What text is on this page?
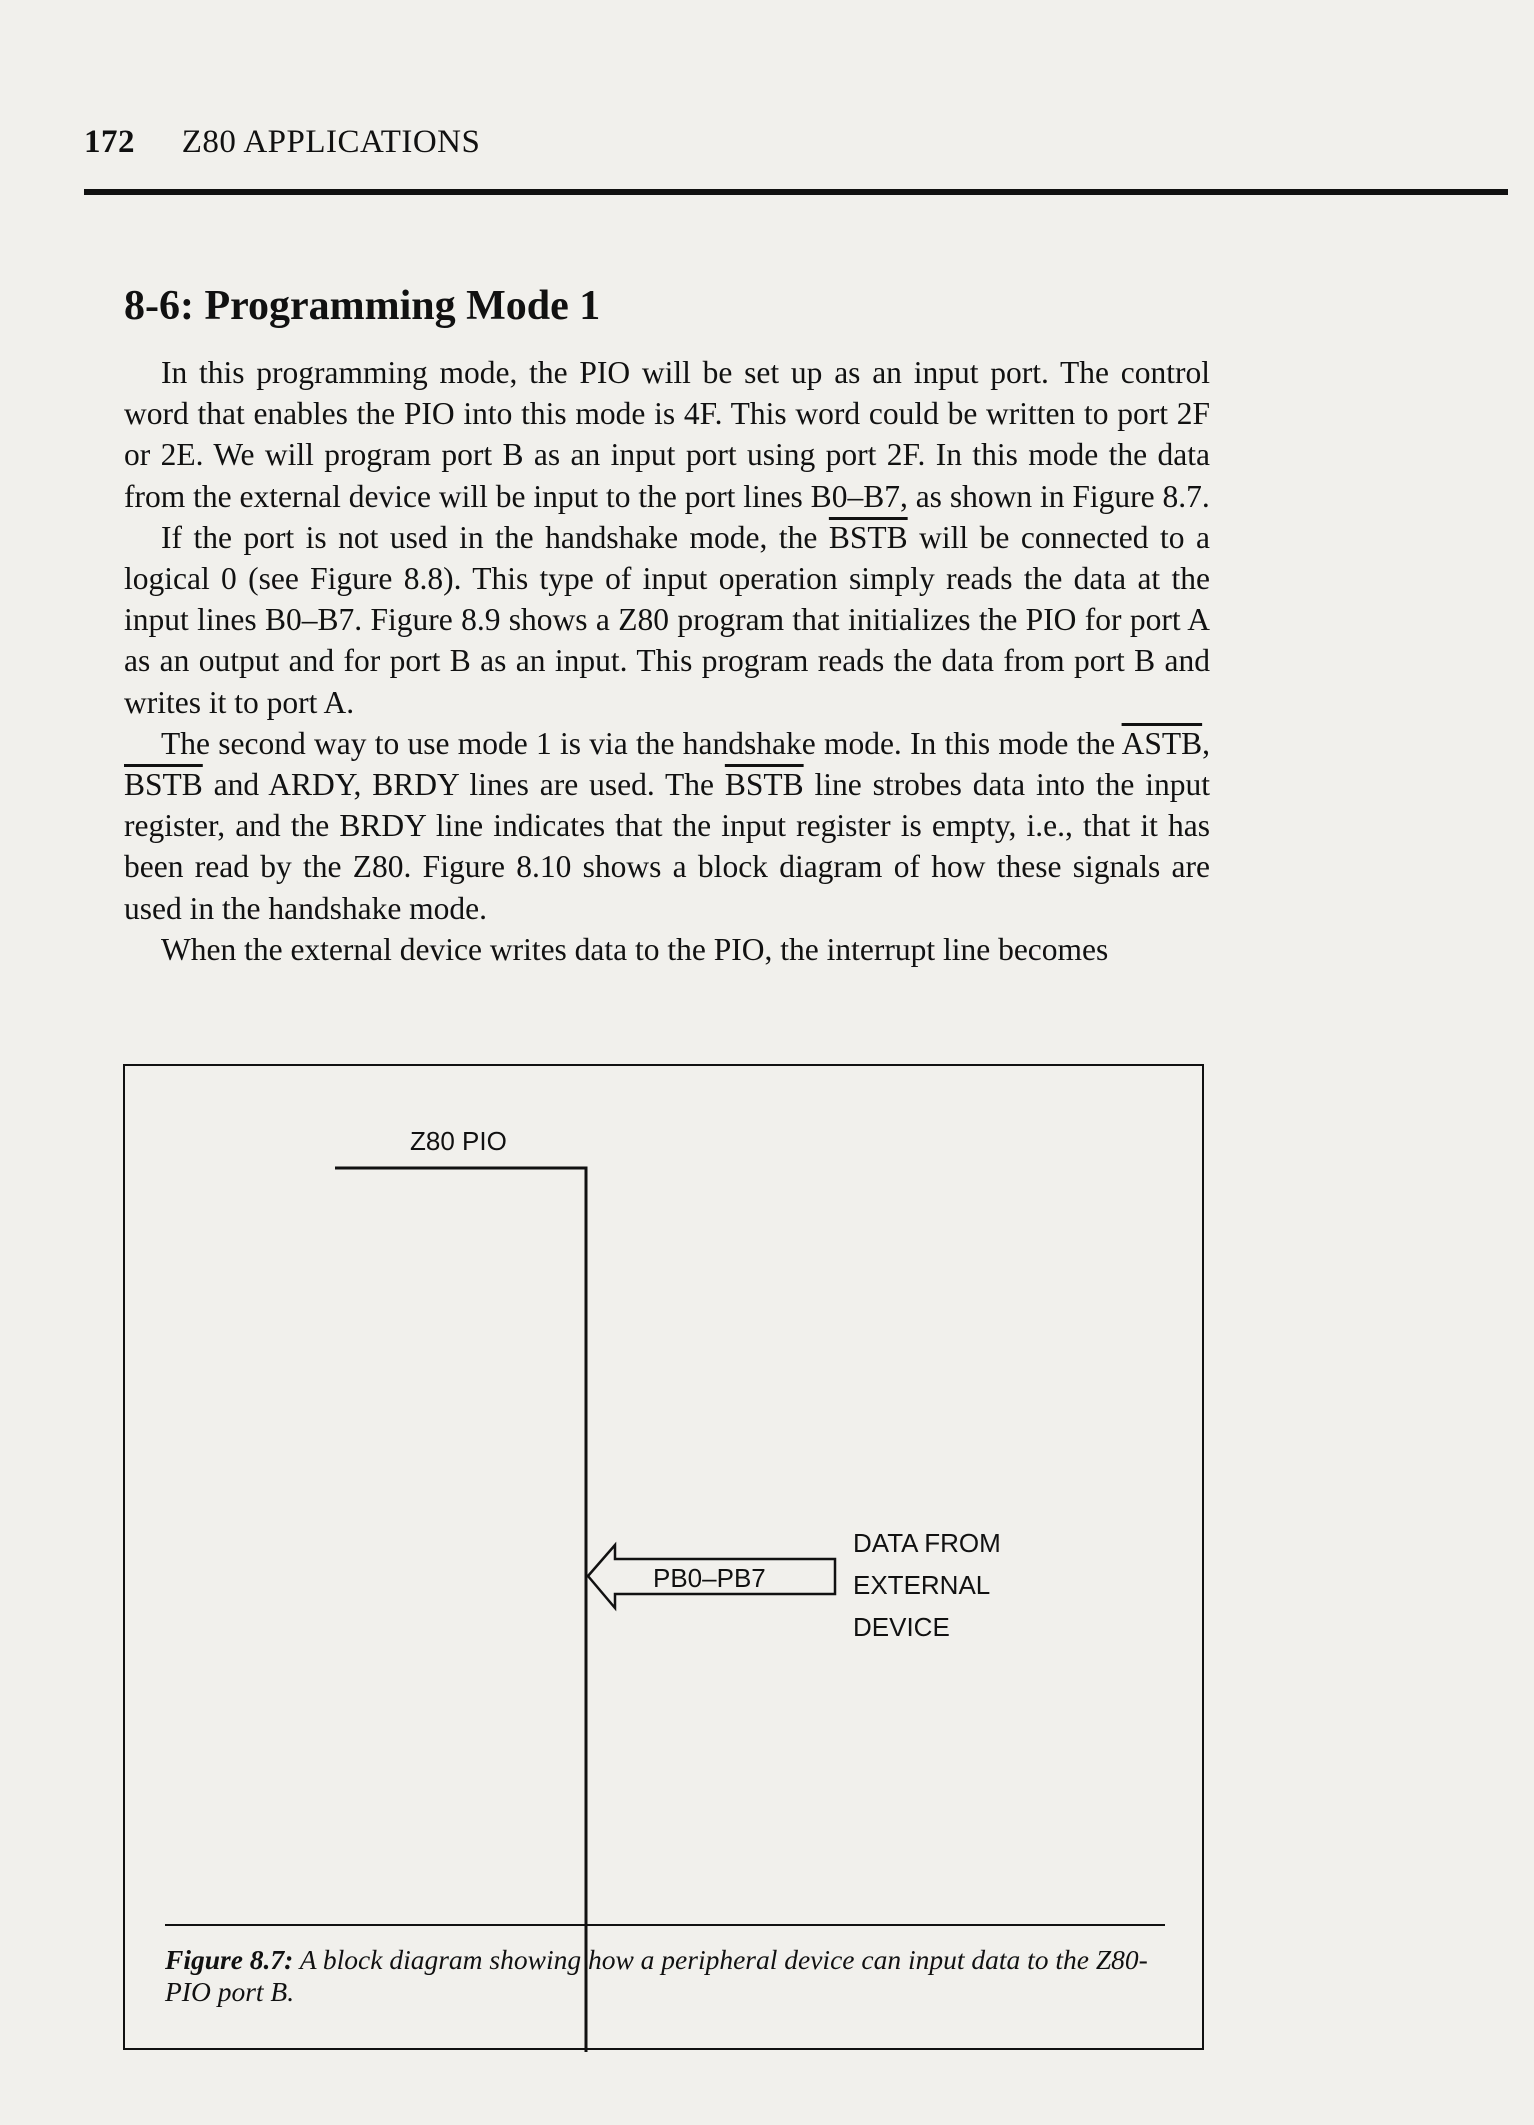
172 Z80 APPLICATIONS
8-6: Programming Mode 1

In this programming mode, the PIO will be set up as an input port. The control word that enables the PIO into this mode is 4F. This word could be written to port 2F or 2E. We will program port B as an input port using port 2F. In this mode the data from the external device will be input to the port lines B0–B7, as shown in Figure 8.7.

If the port is not used in the handshake mode, the BSTB will be connected to a logical 0 (see Figure 8.8). This type of input operation simply reads the data at the input lines B0–B7. Figure 8.9 shows a Z80 program that initializes the PIO for port A as an output and for port B as an input. This program reads the data from port B and writes it to port A.

The second way to use mode 1 is via the handshake mode. In this mode the ASTB, BSTB and ARDY, BRDY lines are used. The BSTB line strobes data into the input register, and the BRDY line indicates that the input register is empty, i.e., that it has been read by the Z80. Figure 8.10 shows a block diagram of how these signals are used in the handshake mode.

When the external device writes data to the PIO, the interrupt line becomes

Z80 PIO
PB0–PB7
DATA FROM
EXTERNAL
DEVICE
Figure 8.7: A block diagram showing how a peripheral device can input data to the Z80-PIO port B.
